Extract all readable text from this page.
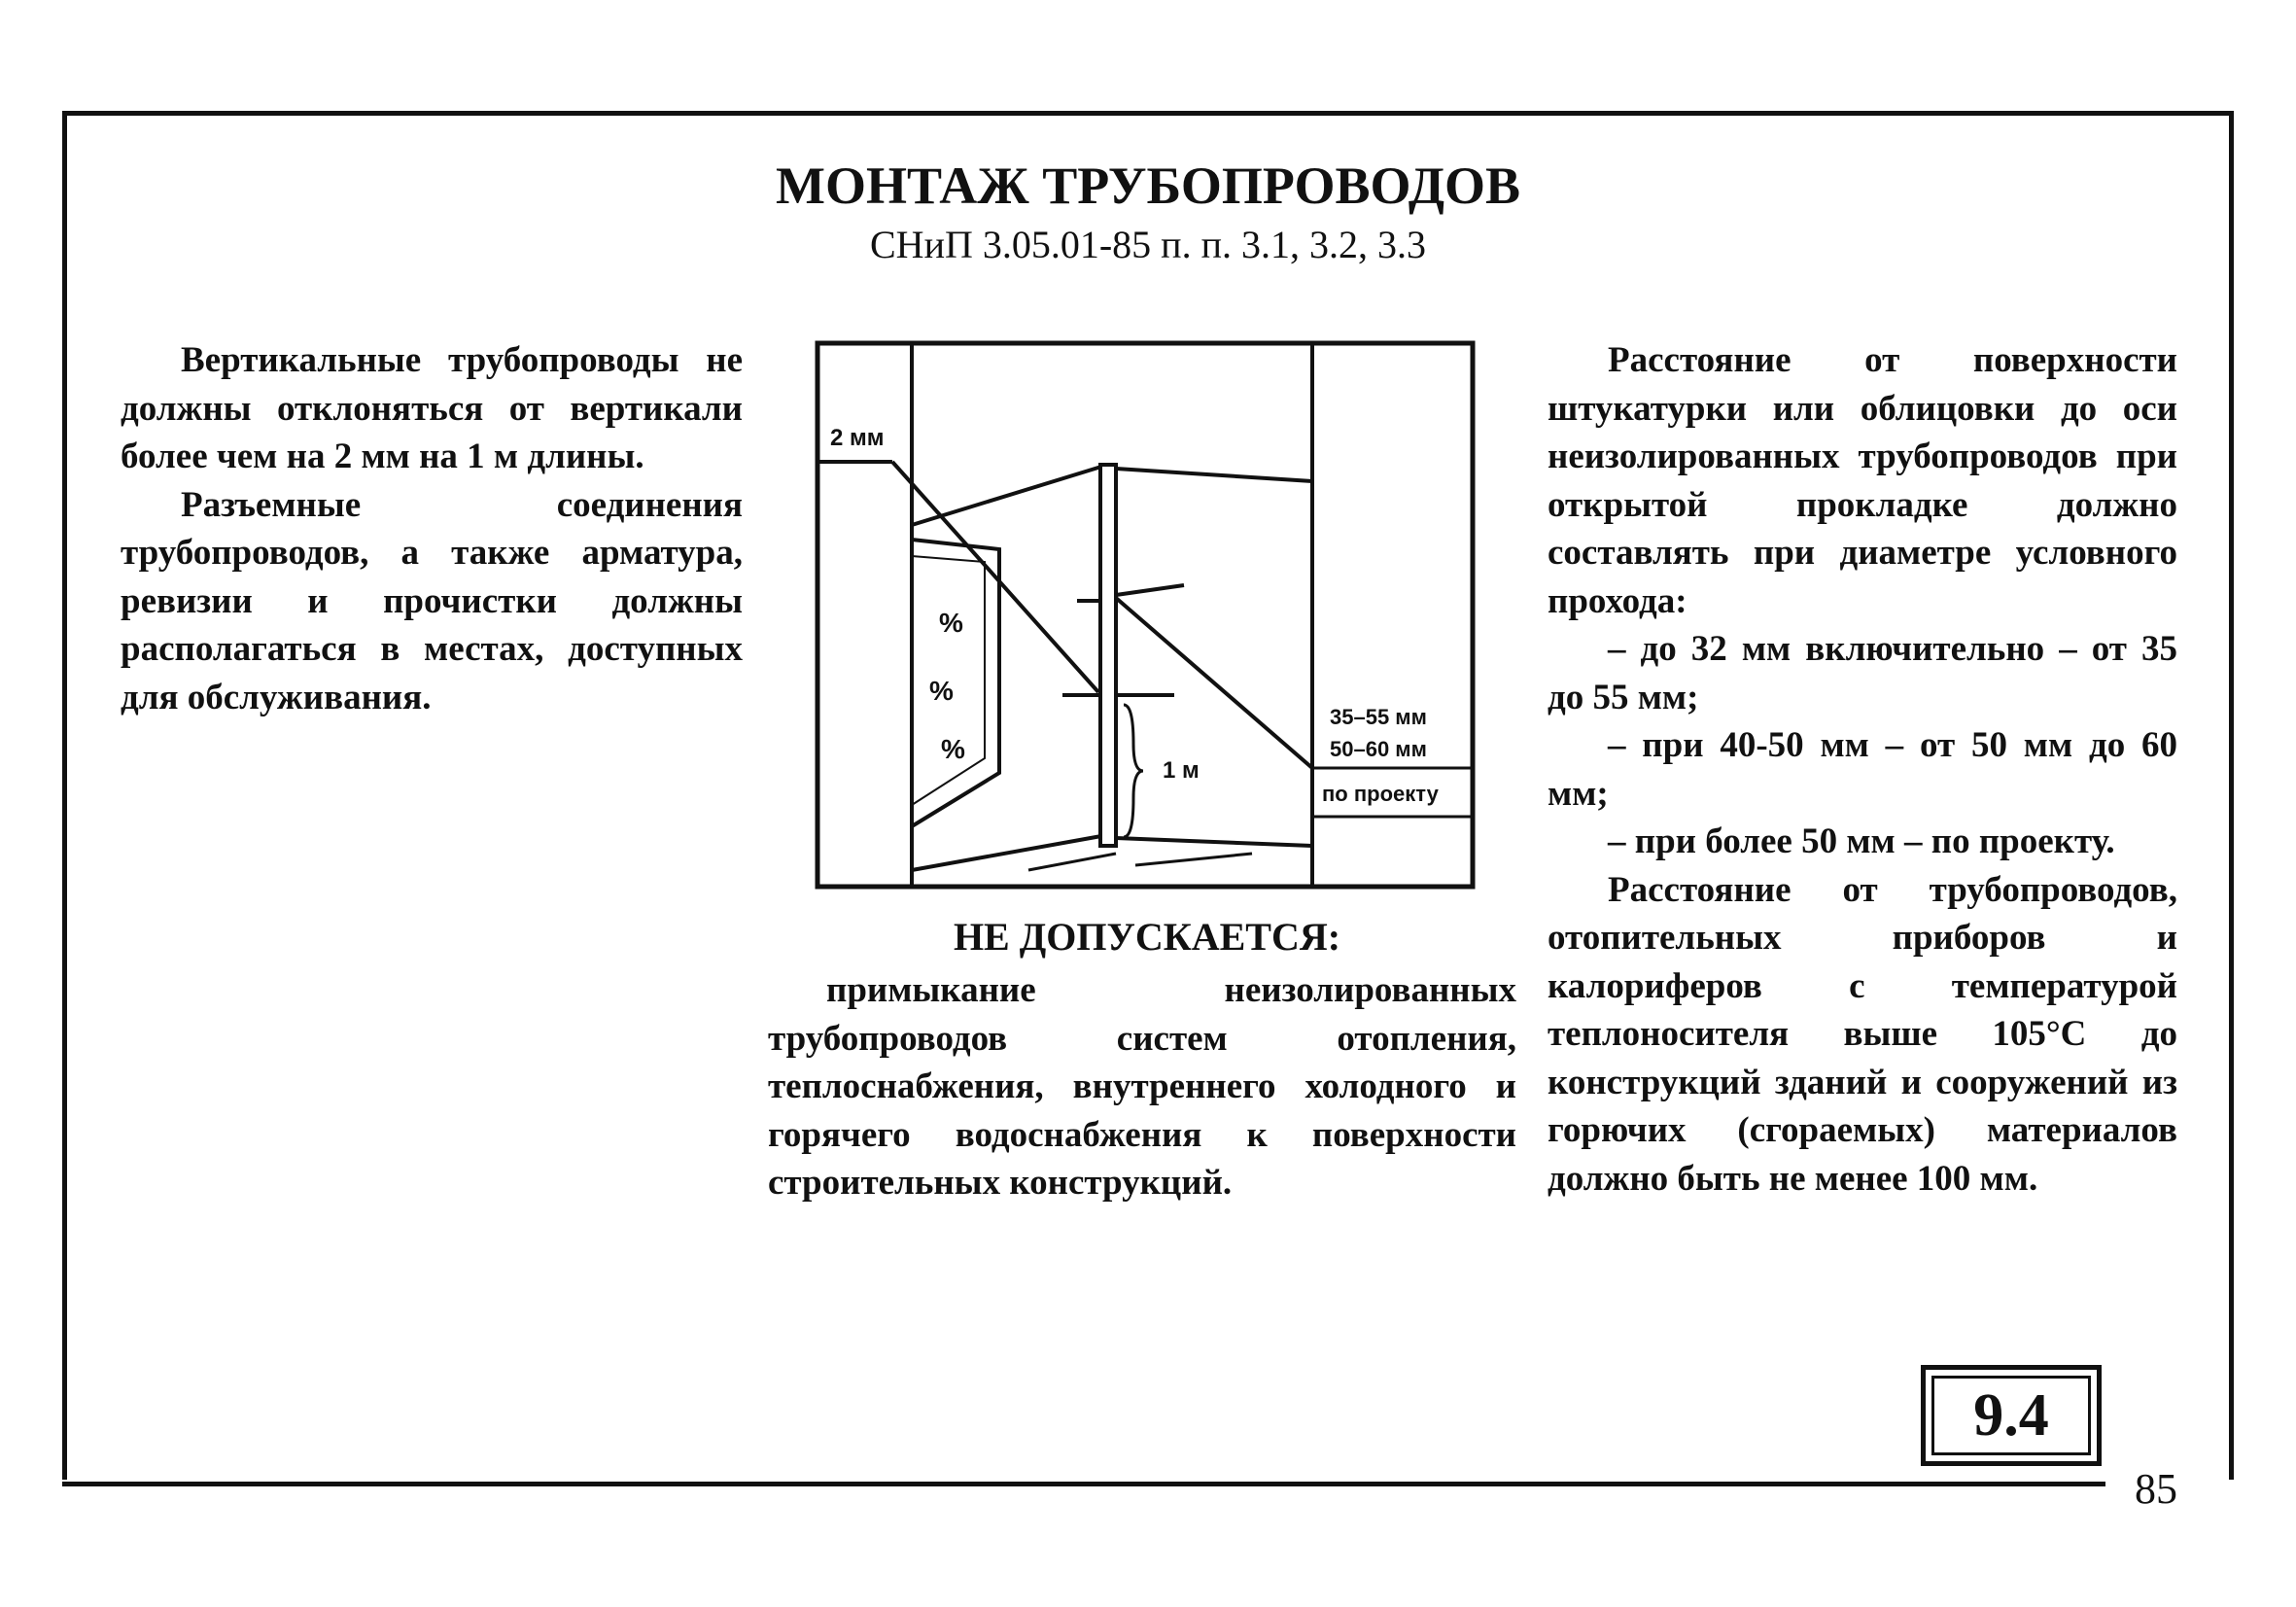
МОНТАЖ ТРУБОПРОВОДОВ
СНиП 3.05.01-85 п. п. 3.1, 3.2, 3.3

Вертикальные трубопроводы не должны отклоняться от вертикали более чем на 2 мм на 1 м длины.

Разъемные соединения трубопроводов, а также арматура, ревизии и прочистки должны располагаться в местах, доступных для обслуживания.

%
%
%
2 мм
1 м
35–55 мм
50–60 мм
по проекту
НЕ ДОПУСКАЕТСЯ:

примыкание неизолированных трубопроводов систем отопления, теплоснабжения, внутреннего холодного и горячего водоснабжения к поверхности строительных конструкций.

Расстояние от поверхности штукатурки или облицовки до оси неизолированных трубопроводов при открытой прокладке должно составлять при диаметре условного прохода:

– до 32 мм включительно – от 35 до 55 мм;

– при 40-50 мм – от 50 мм до 60 мм;

– при более 50 мм – по проекту.

Расстояние от трубопроводов, отопительных приборов и калориферов с температурой теплоносителя выше 105°С до конструкций зданий и сооружений из горючих (сгораемых) материалов должно быть не менее 100 мм.

9.4
85
